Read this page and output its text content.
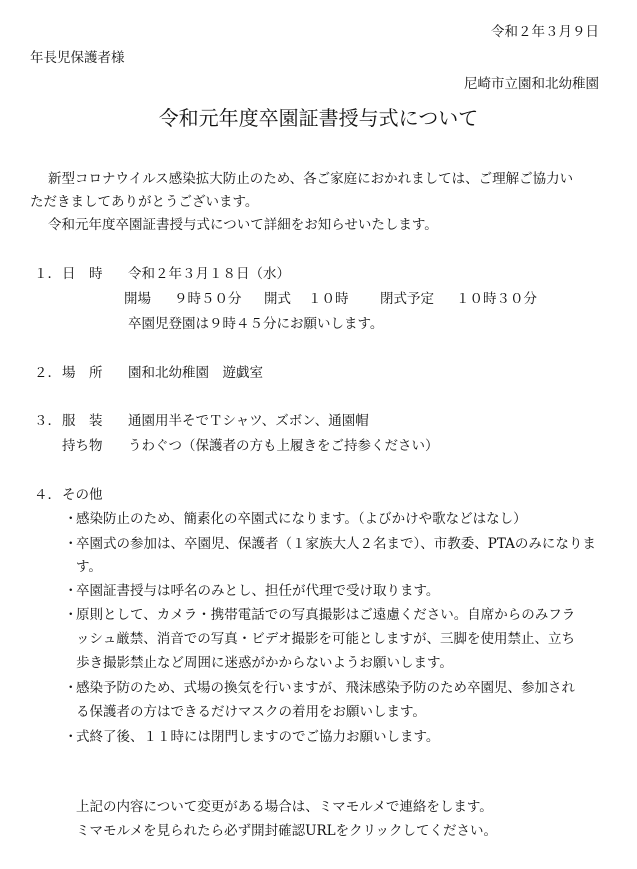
令和２年３月９日
年長児保護者様
尼崎市立園和北幼稚園
令和元年度卒園証書授与式について
新型コロナウイルス感染拡大防止のため、各ご家庭におかれましては、ご理解ご協力い
ただきましてありがとうございます。
令和元年度卒園証書授与式について詳細をお知らせいたします。
１． 日　時 令和２年３月１８日（水）
開場 ９時５０分 開式 １０時 閉式予定 １０時３０分
卒園児登園は９時４５分にお願いします。
２． 場　所 園和北幼稚園　遊戯室
３． 服　装 通園用半そでＴシャツ、ズボン、通園帽
持ち物 うわぐつ（保護者の方も上履きをご持参ください）
４． その他
・
感染防止のため、簡素化の卒園式になります。（よびかけや歌などはなし）
・
卒園式の参加は、卒園児、保護者（１家族大人２名まで）、市教委、PTAのみになりま
す。
・
卒園証書授与は呼名のみとし、担任が代理で受け取ります。
・
原則として、カメラ・携帯電話での写真撮影はご遠慮ください。自席からのみフラ
ッシュ厳禁、消音での写真・ビデオ撮影を可能としますが、三脚を使用禁止、立ち
歩き撮影禁止など周囲に迷惑がかからないようお願いします。
・
感染予防のため、式場の換気を行いますが、飛沫感染予防のため卒園児、参加され
る保護者の方はできるだけマスクの着用をお願いします。
・
式終了後、１１時には閉門しますのでご協力お願いします。
上記の内容について変更がある場合は、ミマモルメで連絡をします。
ミマモルメを見られたら必ず開封確認URLをクリックしてください。
